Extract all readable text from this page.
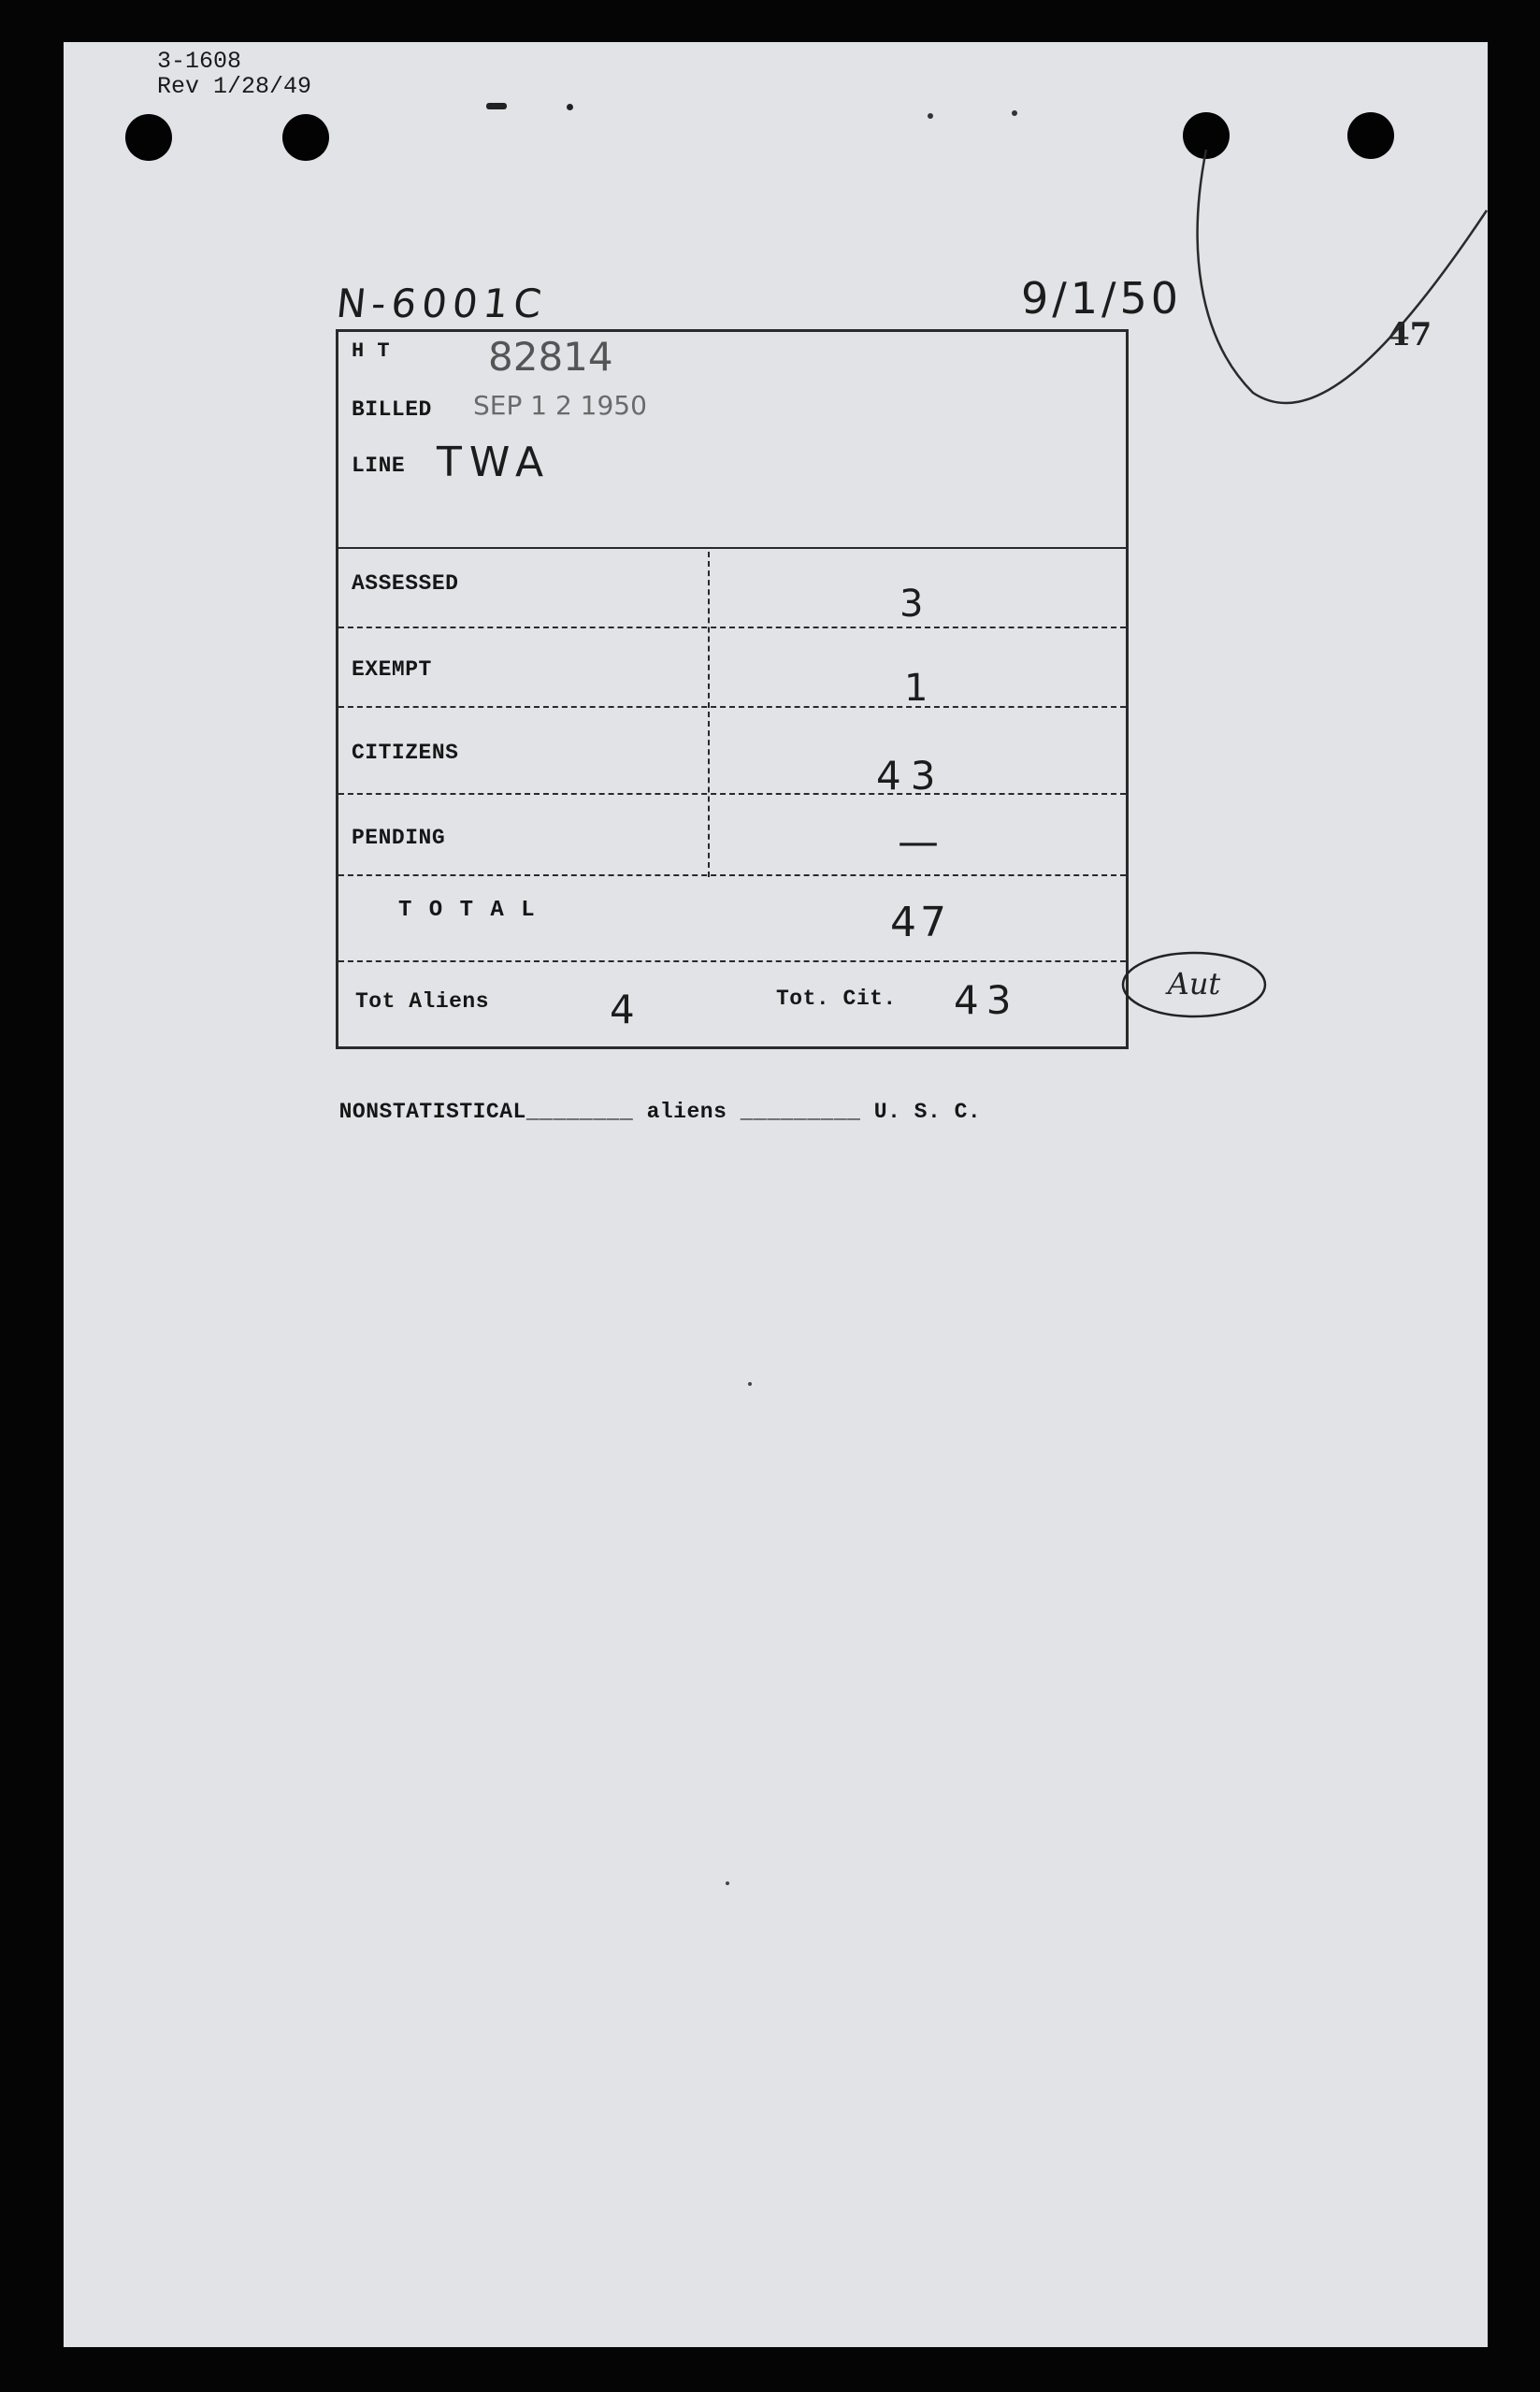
3-1608
Rev 1/28/49
N-6001C	9/1/50
47
H T 82814
BILLED SEP 1 2 1950
LINE TWA
ASSESSED	3
EXEMPT	1
CITIZENS	43
PENDING	—
T O T A L	47
Tot Aliens	4	Tot. Cit. 43	Aut

NONSTATISTICAL________ aliens _________ U. S. C.
